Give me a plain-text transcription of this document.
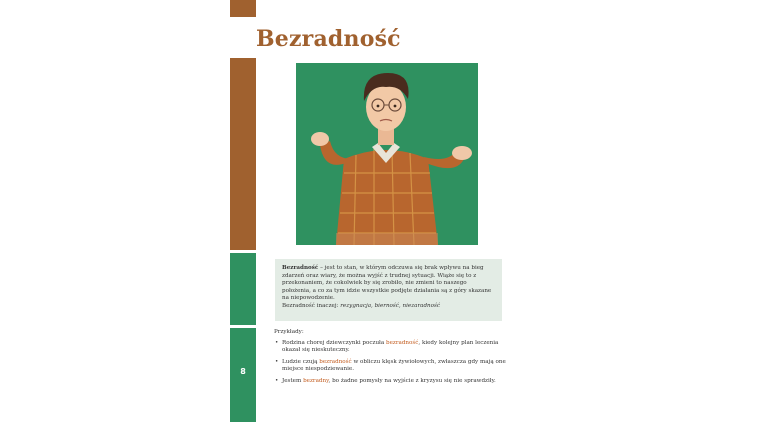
8
Bezradność
Bezradność – jest to stan, w którym odczuwa się brak wpływu na bieg zdarzeń oraz wiary, że można wyjść z trudnej sytuacji. Wiąże się to z przekonaniem, że cokolwiek by się zrobiło, nie zmieni to naszego położenia, a co za tym idzie wszystkie podjęte działania są z góry skazane na niepowodzenie.
Bezradność inaczej: rezygnacja, bierność, niezaradność
Przykłady:
• Rodzina chorej dziewczynki poczuła bezradność, kiedy kolejny plan leczenia okazał się nieskuteczny.
• Ludzie czują bezradność w obliczu klęsk żywiołowych, zwłaszcza gdy mają one miejsce niespodziewanie.
• Jestem bezradny, bo żadne pomysły na wyjście z kryzysu się nie sprawdziły.
